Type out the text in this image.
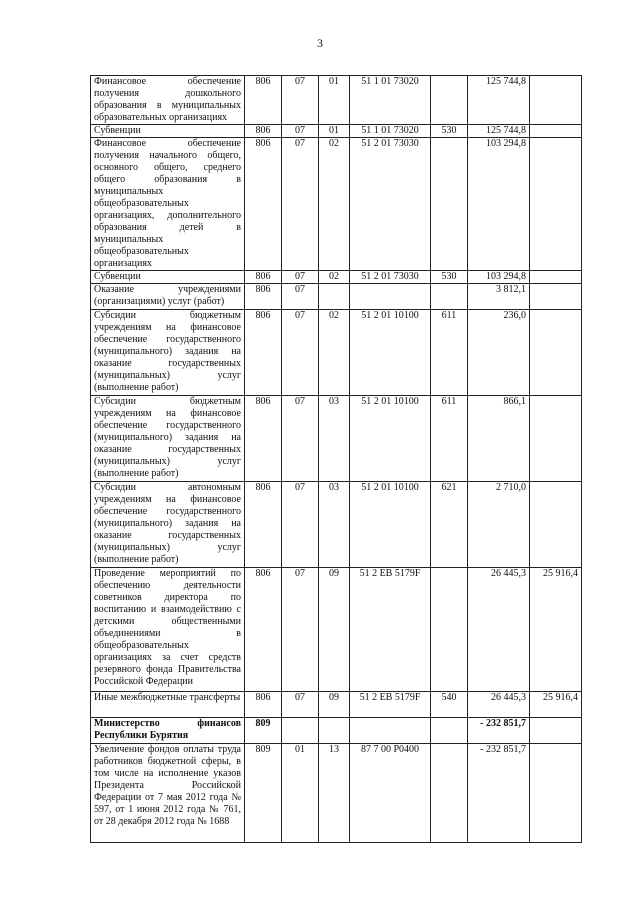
3
Финансовое обеспечение получения дошкольного образования в муниципальных образовательных организациях	806	07	01	51 1 01 73020		125 744,8	
Субвенции	806	07	01	51 1 01 73020	530	125 744,8	
Финансовое обеспечение получения начального общего, основного общего, среднего общего образования в муниципальных общеобразовательных организациях, дополнительного образования детей в муниципальных общеобразовательных организациях	806	07	02	51 2 01 73030		103 294,8	
Субвенции	806	07	02	51 2 01 73030	530	103 294,8	
Оказание учреждениями (организациями) услуг (работ)	806	07				3 812,1	
Субсидии бюджетным учреждениям на финансовое обеспечение государственного (муниципального) задания на оказание государственных (муниципальных) услуг (выполнение работ)	806	07	02	51 2 01 10100	611	236,0	
Субсидии бюджетным учреждениям на финансовое обеспечение государственного (муниципального) задания на оказание государственных (муниципальных) услуг (выполнение работ)	806	07	03	51 2 01 10100	611	866,1	
Субсидии автономным учреждениям на финансовое обеспечение государственного (муниципального) задания на оказание государственных (муниципальных) услуг (выполнение работ)	806	07	03	51 2 01 10100	621	2 710,0	
Проведение мероприятий по обеспечению деятельности советников директора по воспитанию и взаимодействию с детскими общественными объединениями в общеобразовательных организациях за счет средств резервного фонда Правительства Российской Федерации	806	07	09	51 2 ЕВ 5179F		26 445,3	25 916,4
Иные межбюджетные трансферты	806	07	09	51 2 ЕВ 5179F	540	26 445,3	25 916,4
Министерство финансов Республики Бурятия	809					- 232 851,7	
Увеличение фондов оплаты труда работников бюджетной сферы, в том числе на исполнение указов Президента Российской Федерации от 7 мая 2012 года № 597, от 1 июня 2012 года № 761, от 28 декабря 2012 года № 1688	809	01	13	87 7 00 Р0400		- 232 851,7	
